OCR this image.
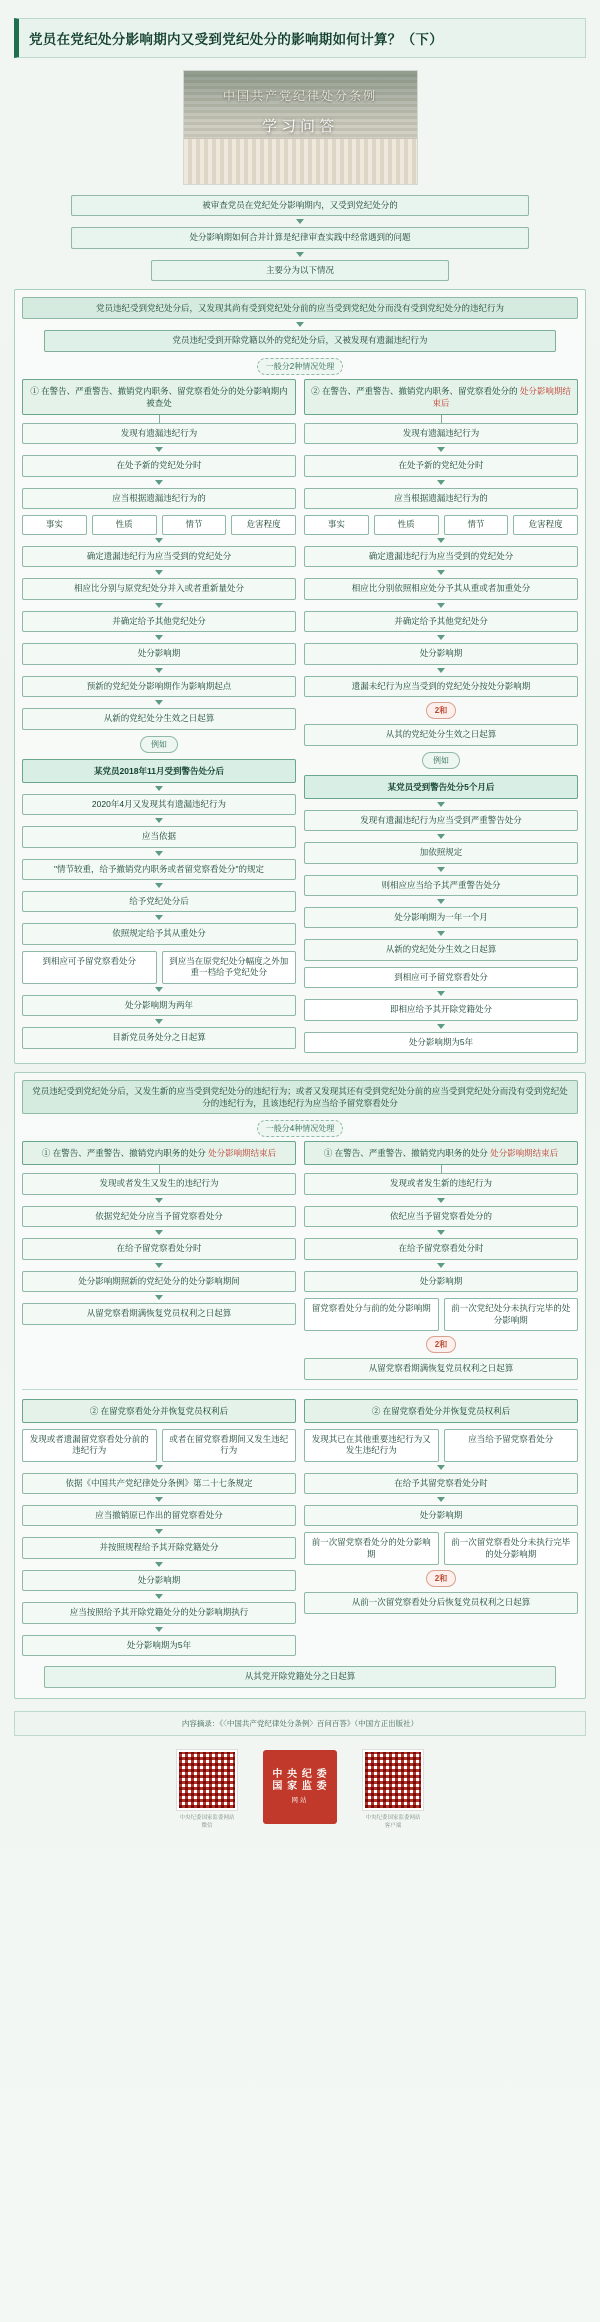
党员在党纪处分影响期内又受到党纪处分的影响期如何计算？（下）
中国共产党纪律处分条例
学习问答
被审查党员在党纪处分影响期内，又受到党纪处分的
处分影响期如何合并计算是纪律审查实践中经常遇到的问题
主要分为以下情况
党员违纪受到党纪处分后，又发现其尚有受到党纪处分前的应当受到党纪处分而没有受到党纪处分的违纪行为
党员违纪受到开除党籍以外的党纪处分后，又被发现有遗漏违纪行为
一般分2种情况处理
① 在警告、严重警告、撤销党内职务、留党察看处分的处分影响期内被查处
发现有遗漏违纪行为
在处予新的党纪处分时
应当根据遗漏违纪行为的
事实	性质	情节	危害程度
确定遗漏违纪行为应当受到的党纪处分
相应比分别与原党纪处分并入或者重新量处分
并确定给予其他党纪处分
处分影响期
预新的党纪处分影响期作为影响期起点
从新的党纪处分生效之日起算
例如
某党员2018年11月受到警告处分后
2020年4月又发现其有遗漏违纪行为
应当依据
"情节较重，给予撤销党内职务或者留党察看处分"的规定
给予党纪处分后
依照规定给予其从重处分
到相应可予留党察看处分	到应当在原党纪处分幅度之外加重一档给予党纪处分
处分影响期为两年
目新党员务处分之日起算
② 在警告、严重警告、撤销党内职务、留党察看处分的 处分影响期结束后
发现有遗漏违纪行为
在处予新的党纪处分时
应当根据遗漏违纪行为的
事实	性质	情节	危害程度
确定遗漏违纪行为应当受到的党纪处分
相应比分别依照相应处分予其从重或者加重处分
并确定给予其他党纪处分
处分影响期
遗漏未纪行为应当受到的党纪处分按处分影响期
2和
从其的党纪处分生效之日起算
例如
某党员受到警告处分5个月后
发现有遗漏违纪行为应当受到严重警告处分
加依照规定
则相应应当给予其严重警告处分
处分影响期为一年一个月
从新的党纪处分生效之日起算
到相应可予留党察看处分
即相应给予其开除党籍处分
处分影响期为5年
党员违纪受到党纪处分后，又发生新的应当受到党纪处分的违纪行为；或者又发现其还有受到党纪处分前的应当受到党纪处分而没有受到党纪处分的违纪行为，且该违纪行为应当给予留党察看处分
一般分4种情况处理
① 在警告、严重警告、撤销党内职务的处分 处分影响期结束后
发现或者发生又发生的违纪行为
依据党纪处分应当予留党察看处分
在给予留党察看处分时
处分影响期照新的党纪处分的处分影响期间
从留党察看期满恢复党员权利之日起算
① 在警告、严重警告、撤销党内职务的处分 处分影响期结束后
发现或者发生新的违纪行为
依纪应当予留党察看处分的
在给予留党察看处分时
处分影响期
留党察看处分与前的处分影响期	前一次党纪处分未执行完毕的处分影响期
2和
从留党察看期满恢复党员权利之日起算
② 在留党察看处分并恢复党员权利后
发现或者遗漏留党察看处分前的违纪行为
或者在留党察看期间又发生违纪行为
依据《中国共产党纪律处分条例》第二十七条规定
应当撤销原已作出的留党察看处分
并按照规程给予其开除党籍处分
处分影响期
应当按照给予其开除党籍处分的处分影响期执行
处分影响期为5年
② 在留党察看处分并恢复党员权利后
发现其已在其他重要违纪行为又发生违纪行为
应当给予留党察看处分
在给予其留党察看处分时
处分影响期
前一次留党察看处分的处分影响期
前一次留党察看处分未执行完毕的处分影响期
2和
从前一次留党察看处分后恢复党员权利之日起算
从其党开除党籍处分之日起算
内容摘录：《〈中国共产党纪律处分条例〉百问百答》（中国方正出版社）
中央纪委国家监委网站微信
中 央 纪 委
国 家 监 委
网站
中央纪委国家监委网站客户端
